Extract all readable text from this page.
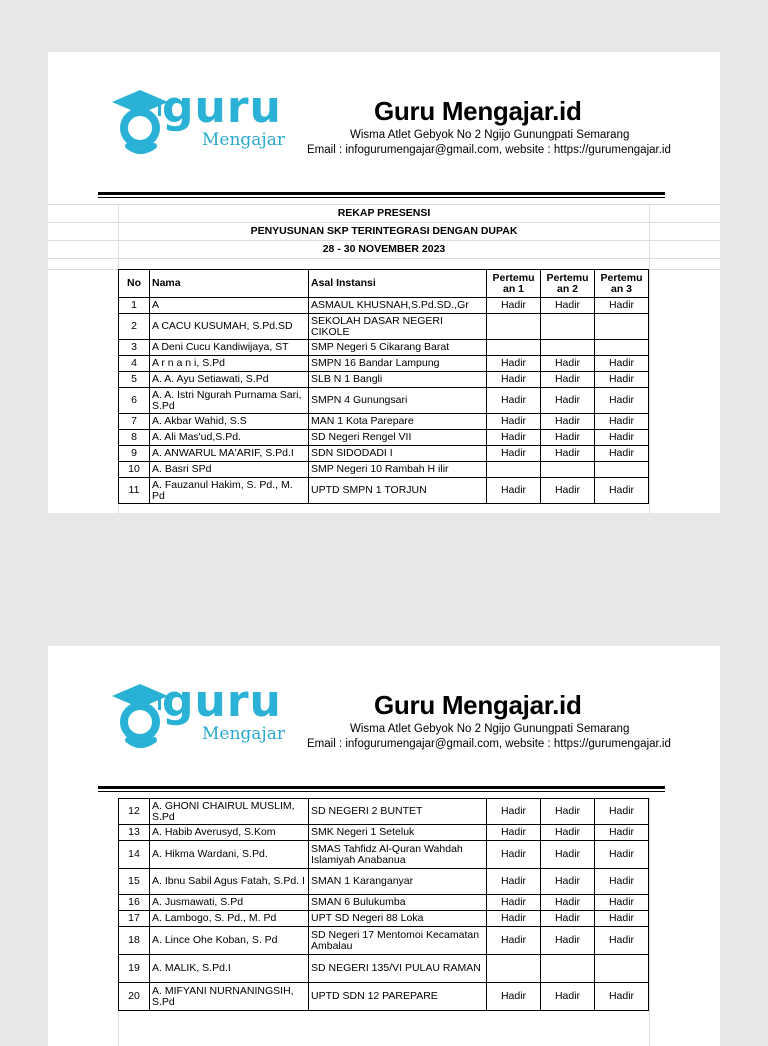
guru
Mengajar
Guru Mengajar.id
Wisma Atlet Gebyok No 2 Ngijo Gunungpati Semarang
Email : infogurumengajar@gmail.com, website : https://gurumengajar.id
REKAP PRESENSI
PENYUSUNAN SKP TERINTEGRASI DENGAN DUPAK
28 - 30 NOVEMBER 2023
No	Nama	Asal Instansi	Pertemu an 1	Pertemu an 2	Pertemu an 3
1	A	ASMAUL KHUSNAH,S.Pd.SD.,Gr	Hadir	Hadir	Hadir
2	A CACU KUSUMAH, S.Pd.SD	SEKOLAH DASAR NEGERI CIKOLE			
3	A Deni Cucu Kandiwijaya, ST	SMP Negeri 5 Cikarang Barat			
4	A r n a n i, S.Pd	SMPN 16 Bandar Lampung	Hadir	Hadir	Hadir
5	A. A. Ayu Setiawati, S.Pd	SLB N 1 Bangli	Hadir	Hadir	Hadir
6	A. A. Istri Ngurah Purnama Sari, S.Pd	SMPN 4 Gunungsari	Hadir	Hadir	Hadir
7	A. Akbar Wahid, S.S	MAN 1 Kota Parepare	Hadir	Hadir	Hadir
8	A. Ali Mas'ud,S.Pd.	SD Negeri Rengel VII	Hadir	Hadir	Hadir
9	A. ANWARUL MA'ARIF, S.Pd.I	SDN SIDODADI I	Hadir	Hadir	Hadir
10	A. Basri SPd	SMP Negeri 10 Rambah H ilir			
11	A. Fauzanul Hakim, S. Pd., M. Pd	UPTD SMPN 1 TORJUN	Hadir	Hadir	Hadir
guru
Mengajar
Guru Mengajar.id
Wisma Atlet Gebyok No 2 Ngijo Gunungpati Semarang
Email : infogurumengajar@gmail.com, website : https://gurumengajar.id
12	A. GHONI CHAIRUL MUSLIM, S.Pd	SD NEGERI 2 BUNTET	Hadir	Hadir	Hadir
13	A. Habib Averusyd, S.Kom	SMK Negeri 1 Seteluk	Hadir	Hadir	Hadir
14	A. Hikma Wardani, S.Pd.	SMAS Tahfidz Al-Quran Wahdah Islamiyah Anabanua	Hadir	Hadir	Hadir
15	A. Ibnu Sabil Agus Fatah, S.Pd. I	SMAN 1 Karanganyar	Hadir	Hadir	Hadir
16	A. Jusmawati, S.Pd	SMAN 6 Bulukumba	Hadir	Hadir	Hadir
17	A. Lambogo, S. Pd., M. Pd	UPT SD Negeri 88 Loka	Hadir	Hadir	Hadir
18	A. Lince Ohe Koban, S. Pd	SD Negeri 17 Mentomoi Kecamatan Ambalau	Hadir	Hadir	Hadir
19	A. MALIK, S.Pd.I	SD NEGERI 135/VI PULAU RAMAN			
20	A. MIFYANI NURNANINGSIH, S.Pd	UPTD SDN 12 PAREPARE	Hadir	Hadir	Hadir
